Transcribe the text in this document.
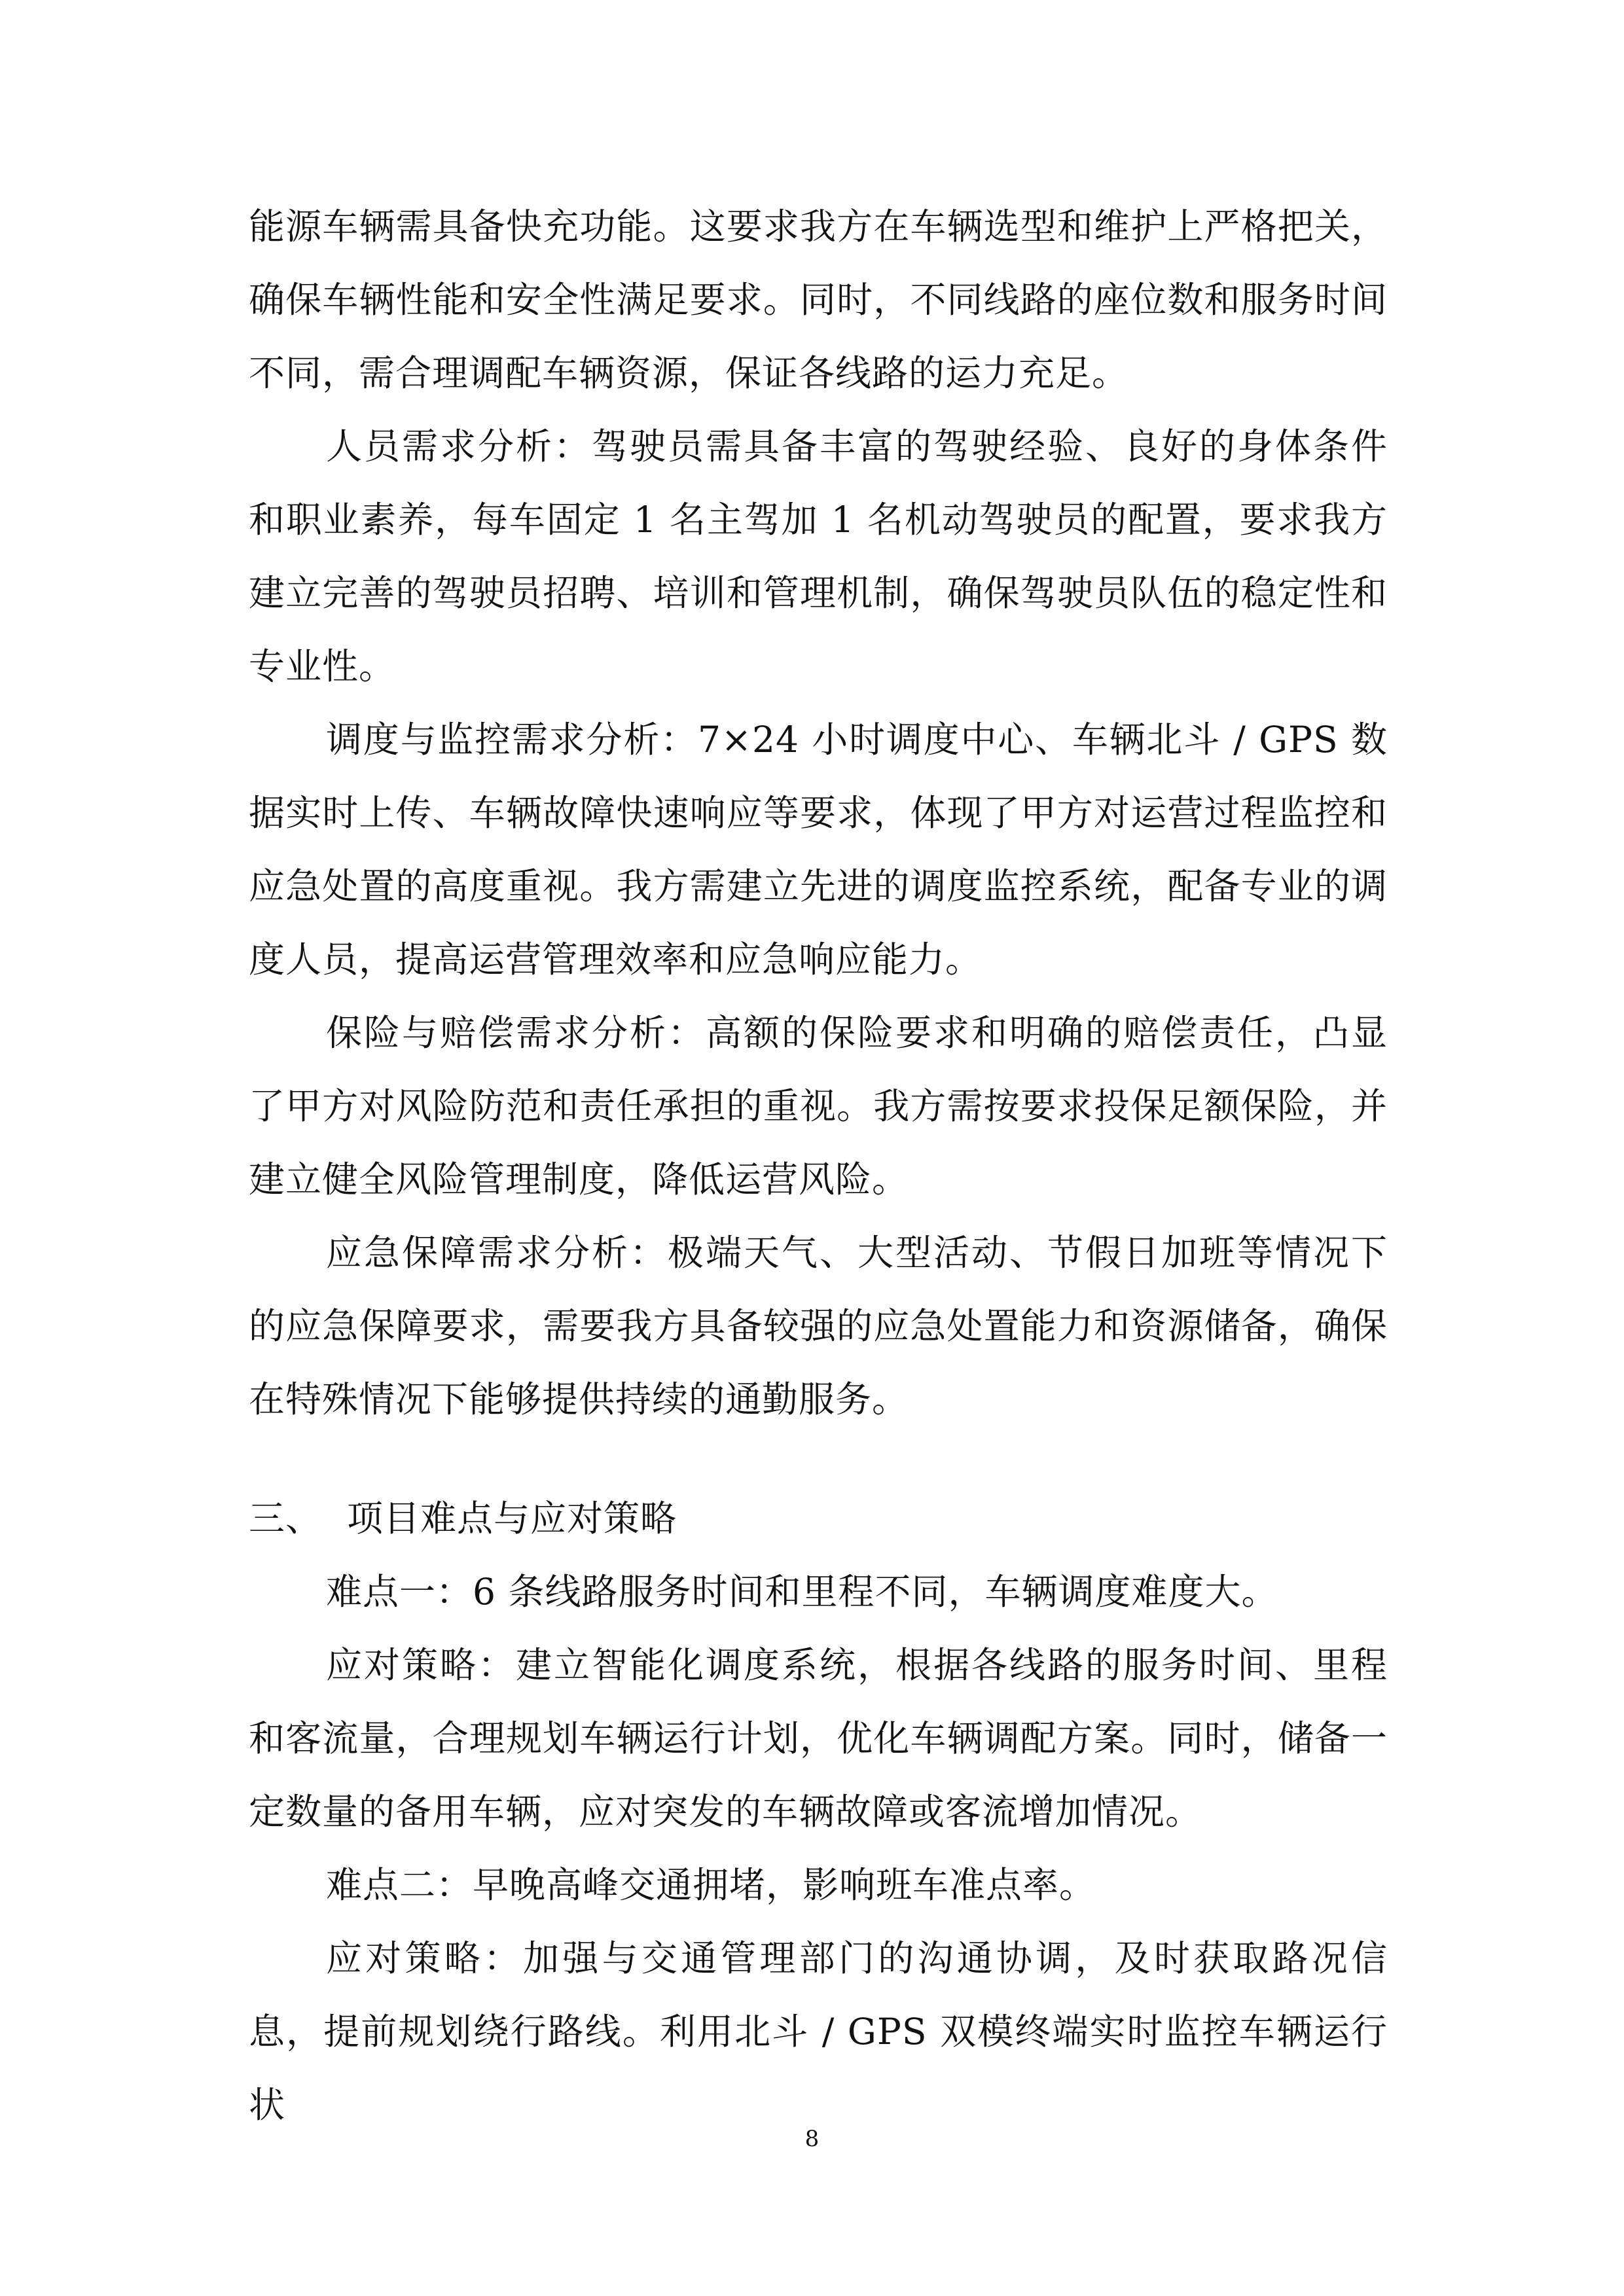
能源车辆需具备快充功能。这要求我方在车辆选型和维护上严格把关，确保车辆性能和安全性满足要求。同时，不同线路的座位数和服务时间不同，需合理调配车辆资源，保证各线路的运力充足。

人员需求分析：驾驶员需具备丰富的驾驶经验、良好的身体条件和职业素养，每车固定 1 名主驾加 1 名机动驾驶员的配置，要求我方建立完善的驾驶员招聘、培训和管理机制，确保驾驶员队伍的稳定性和专业性。

调度与监控需求分析：7×24 小时调度中心、车辆北斗 / GPS 数据实时上传、车辆故障快速响应等要求，体现了甲方对运营过程监控和应急处置的高度重视。我方需建立先进的调度监控系统，配备专业的调度人员，提高运营管理效率和应急响应能力。

保险与赔偿需求分析：高额的保险要求和明确的赔偿责任，凸显了甲方对风险防范和责任承担的重视。我方需按要求投保足额保险，并建立健全风险管理制度，降低运营风险。

应急保障需求分析：极端天气、大型活动、节假日加班等情况下的应急保障要求，需要我方具备较强的应急处置能力和资源储备，确保在特殊情况下能够提供持续的通勤服务。

三、 项目难点与应对策略

难点一：6 条线路服务时间和里程不同，车辆调度难度大。

应对策略：建立智能化调度系统，根据各线路的服务时间、里程和客流量，合理规划车辆运行计划，优化车辆调配方案。同时，储备一定数量的备用车辆，应对突发的车辆故障或客流增加情况。

难点二：早晚高峰交通拥堵，影响班车准点率。

应对策略：加强与交通管理部门的沟通协调，及时获取路况信息，提前规划绕行路线。利用北斗 / GPS 双模终端实时监控车辆运行状

8
